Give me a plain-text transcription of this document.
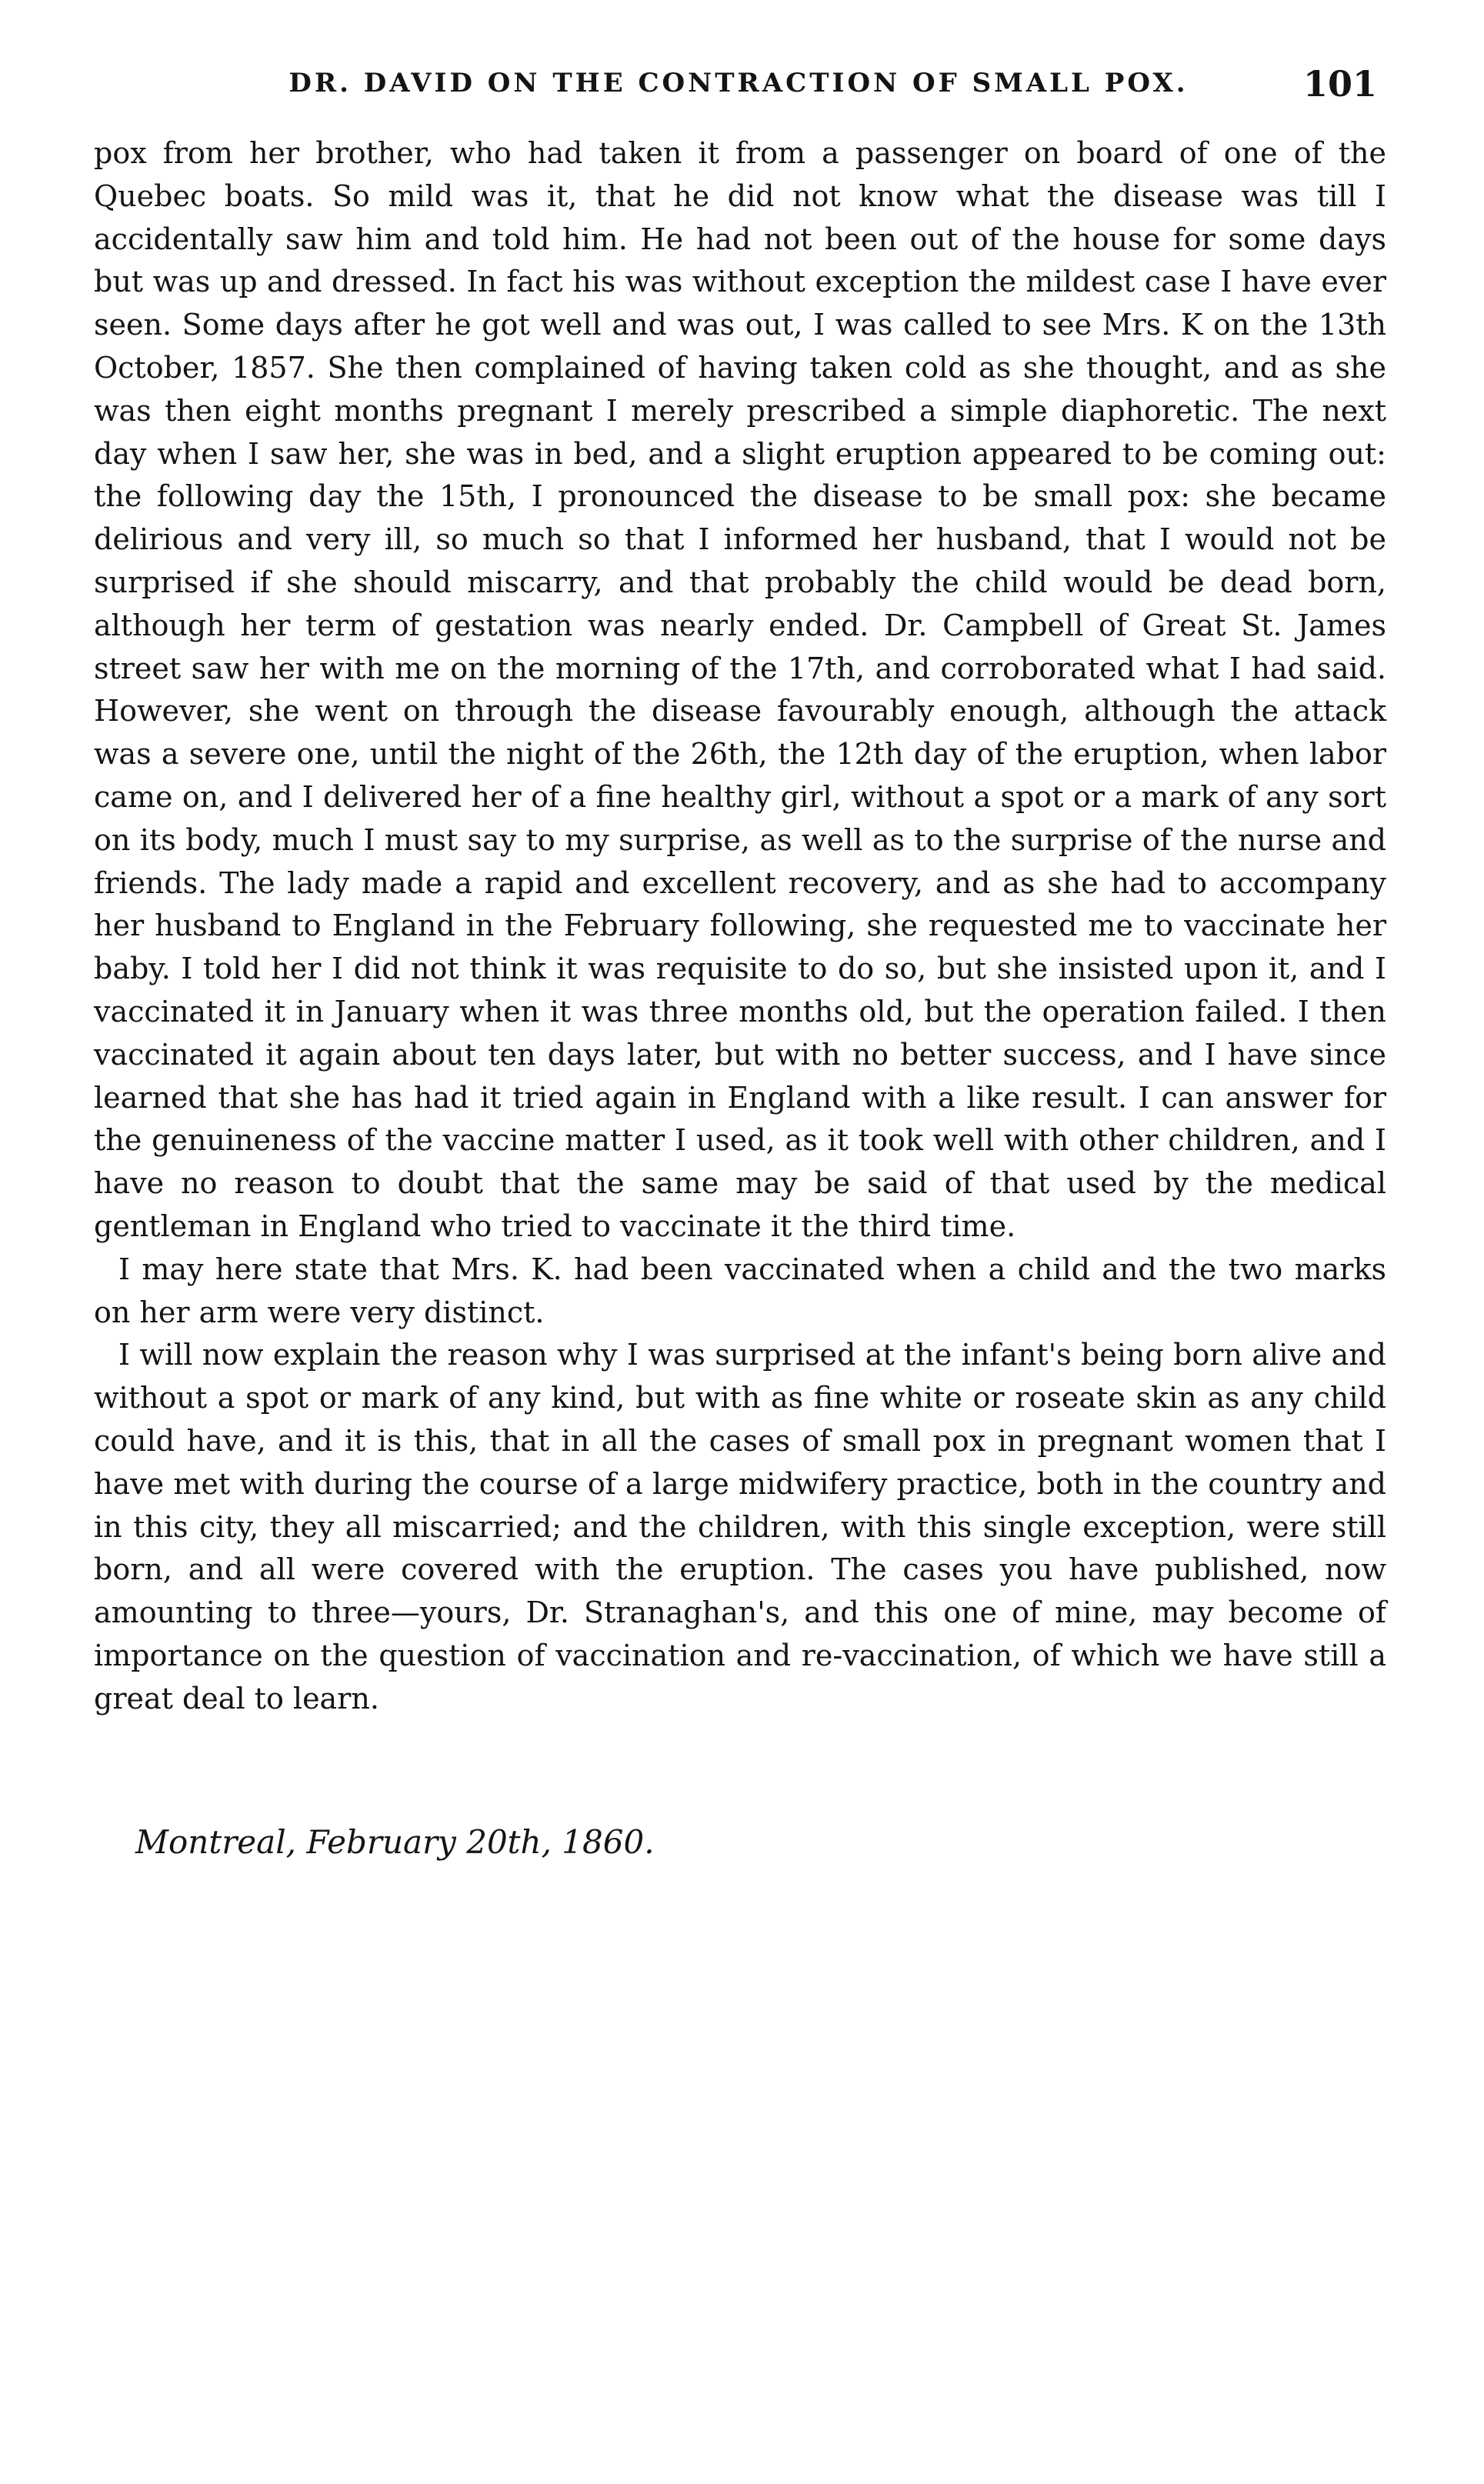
DR. DAVID ON THE CONTRACTION OF SMALL POX.	101

pox from her brother, who had taken it from a passenger on board of one of the Quebec boats. So mild was it, that he did not know what the disease was till I accidentally saw him and told him. He had not been out of the house for some days but was up and dressed. In fact his was without exception the mildest case I have ever seen. Some days after he got well and was out, I was called to see Mrs. K on the 13th October, 1857. She then complained of having taken cold as she thought, and as she was then eight months pregnant I merely prescribed a simple diaphoretic. The next day when I saw her, she was in bed, and a slight eruption appeared to be coming out: the following day the 15th, I pronounced the disease to be small pox: she became delirious and very ill, so much so that I informed her husband, that I would not be surprised if she should miscarry, and that probably the child would be dead born, although her term of gestation was nearly ended. Dr. Campbell of Great St. James street saw her with me on the morning of the 17th, and corroborated what I had said. However, she went on through the disease favourably enough, although the attack was a severe one, until the night of the 26th, the 12th day of the eruption, when labor came on, and I delivered her of a fine healthy girl, without a spot or a mark of any sort on its body, much I must say to my surprise, as well as to the surprise of the nurse and friends. The lady made a rapid and excellent recovery, and as she had to accompany her husband to England in the February following, she requested me to vaccinate her baby. I told her I did not think it was requisite to do so, but she insisted upon it, and I vaccinated it in January when it was three months old, but the operation failed. I then vaccinated it again about ten days later, but with no better success, and I have since learned that she has had it tried again in England with a like result. I can answer for the genuineness of the vaccine matter I used, as it took well with other children, and I have no reason to doubt that the same may be said of that used by the medical gentleman in England who tried to vaccinate it the third time.

I may here state that Mrs. K. had been vaccinated when a child and the two marks on her arm were very distinct.

I will now explain the reason why I was surprised at the infant's being born alive and without a spot or mark of any kind, but with as fine white or roseate skin as any child could have, and it is this, that in all the cases of small pox in pregnant women that I have met with during the course of a large midwifery practice, both in the country and in this city, they all miscarried; and the children, with this single exception, were still born, and all were covered with the eruption. The cases you have published, now amounting to three—yours, Dr. Stranaghan's, and this one of mine, may become of importance on the question of vaccination and re-vaccination, of which we have still a great deal to learn.

Montreal, February 20th, 1860.
